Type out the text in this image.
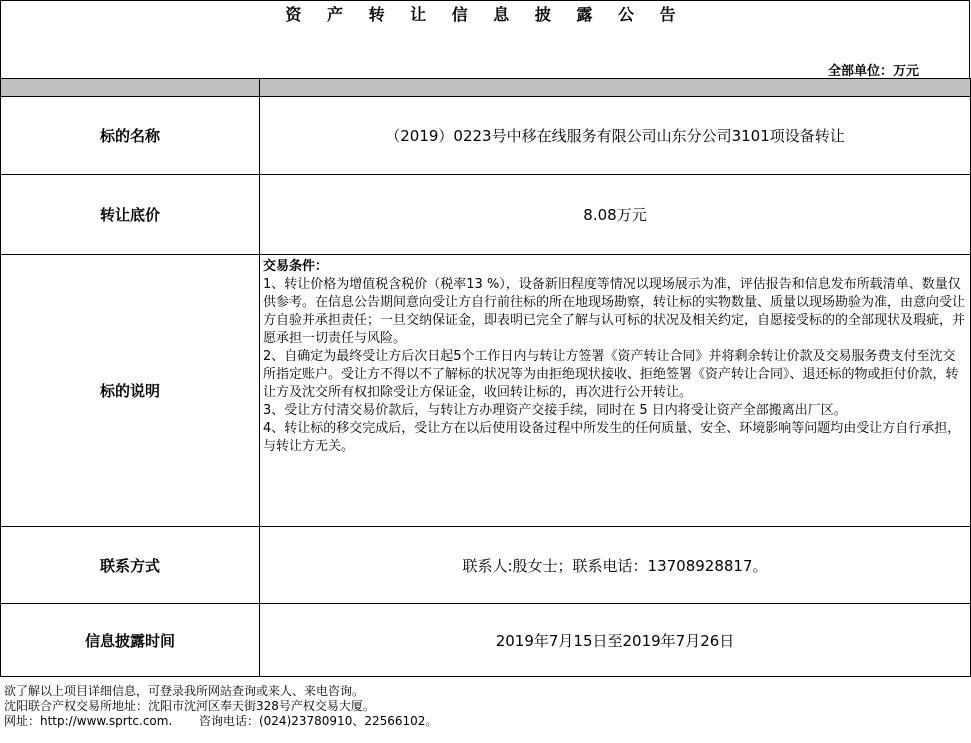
资 产 转 让 信 息 披 露 公 告
全部单位：万元

标的名称	（2019）0223号中移在线服务有限公司山东分公司3101项设备转让
转让底价	8.08万元
标的说明	交易条件：

1、转让价格为增值税含税价（税率13 %），设备新旧程度等情况以现场展示为准，评估报告和信息发布所载清单、数量仅供参考。在信息公告期间意向受让方自行前往标的所在地现场勘察，转让标的实物数量、质量以现场勘验为准，由意向受让方自验并承担责任；一旦交纳保证金，即表明已完全了解与认可标的状况及相关约定，自愿接受标的的全部现状及瑕疵，并愿承担一切责任与风险。

2、自确定为最终受让方后次日起5个工作日内与转让方签署《资产转让合同》并将剩余转让价款及交易服务费支付至沈交所指定账户。受让方不得以不了解标的状况等为由拒绝现状接收、拒绝签署《资产转让合同》、退还标的物或拒付价款，转让方及沈交所有权扣除受让方保证金，收回转让标的，再次进行公开转让。

3、受让方付清交易价款后，与转让方办理资产交接手续，同时在 5 日内将受让资产全部搬离出厂区。

4、转让标的移交完成后，受让方在以后使用设备过程中所发生的任何质量、安全、环境影响等问题均由受让方自行承担，与转让方无关。

联系方式	联系人:殷女士；联系电话：13708928817。
信息披露时间	2019年7月15日至2019年7月26日
欲了解以上项目详细信息，可登录我所网站查询或来人、来电咨询。
沈阳联合产权交易所地址：沈阳市沈河区奉天街328号产权交易大厦。
网址：http://www.sprtc.com.       咨询电话：(024)23780910、22566102。
